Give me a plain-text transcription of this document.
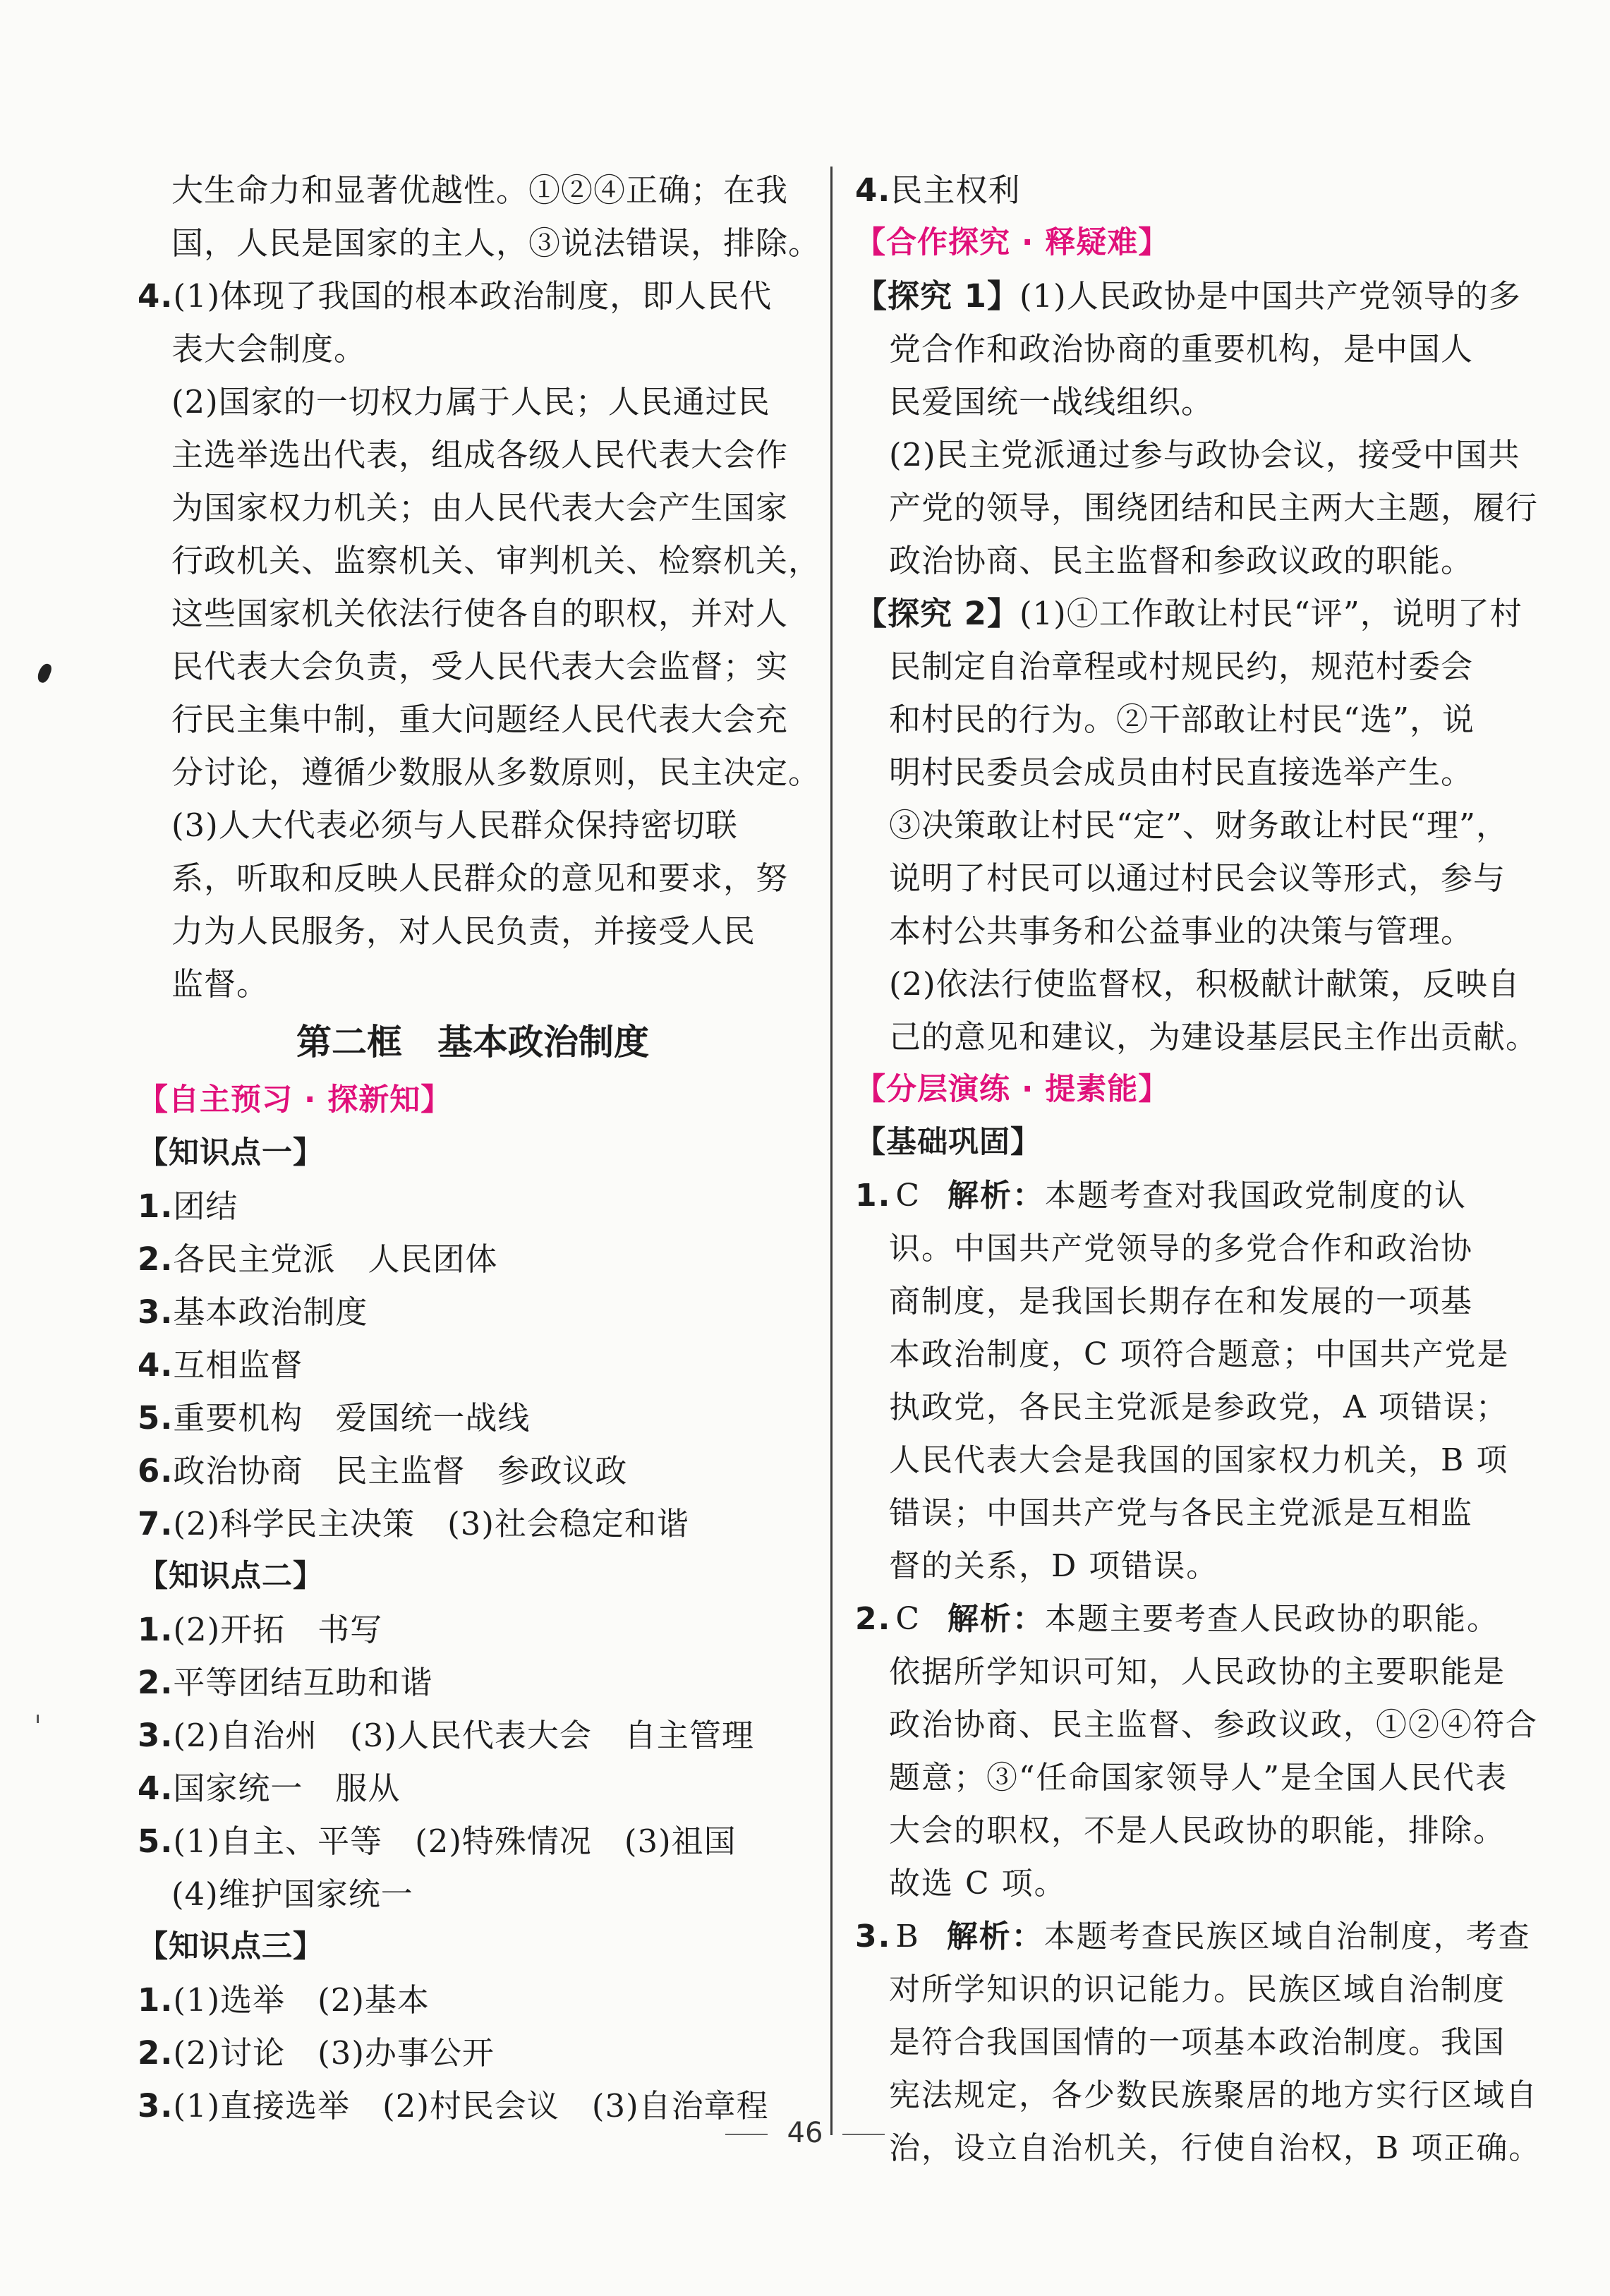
大生命力和显著优越性。①②④正确；在我
国，人民是国家的主人，③说法错误，排除。
4.(1)体现了我国的根本政治制度，即人民代
表大会制度。
(2)国家的一切权力属于人民；人民通过民
主选举选出代表，组成各级人民代表大会作
为国家权力机关；由人民代表大会产生国家
行政机关、监察机关、审判机关、检察机关，
这些国家机关依法行使各自的职权，并对人
民代表大会负责，受人民代表大会监督；实
行民主集中制，重大问题经人民代表大会充
分讨论，遵循少数服从多数原则，民主决定。
(3)人大代表必须与人民群众保持密切联
系，听取和反映人民群众的意见和要求，努
力为人民服务，对人民负责，并接受人民
监督。
第二框　基本政治制度
【自主预习 · 探新知】
【知识点一】
1.团结
2.各民主党派　人民团体
3.基本政治制度
4.互相监督
5.重要机构　爱国统一战线
6.政治协商　民主监督　参政议政
7.(2)科学民主决策　(3)社会稳定和谐
【知识点二】
1.(2)开拓　书写
2.平等团结互助和谐
3.(2)自治州　(3)人民代表大会　自主管理
4.国家统一　服从
5.(1)自主、平等　(2)特殊情况　(3)祖国
(4)维护国家统一
【知识点三】
1.(1)选举　(2)基本
2.(2)讨论　(3)办事公开
3.(1)直接选举　(2)村民会议　(3)自治章程
4.民主权利
【合作探究 · 释疑难】
【探究 1】(1)人民政协是中国共产党领导的多
党合作和政治协商的重要机构，是中国人
民爱国统一战线组织。
(2)民主党派通过参与政协会议，接受中国共
产党的领导，围绕团结和民主两大主题，履行
政治协商、民主监督和参政议政的职能。
【探究 2】(1)①工作敢让村民“评”，说明了村
民制定自治章程或村规民约，规范村委会
和村民的行为。②干部敢让村民“选”，说
明村民委员会成员由村民直接选举产生。
③决策敢让村民“定”、财务敢让村民“理”，
说明了村民可以通过村民会议等形式，参与
本村公共事务和公益事业的决策与管理。
(2)依法行使监督权，积极献计献策，反映自
己的意见和建议，为建设基层民主作出贡献。
【分层演练 · 提素能】
【基础巩固】
1. C 解析：本题考查对我国政党制度的认
识。中国共产党领导的多党合作和政治协
商制度，是我国长期存在和发展的一项基
本政治制度，C 项符合题意；中国共产党是
执政党，各民主党派是参政党，A 项错误；
人民代表大会是我国的国家权力机关，B 项
错误；中国共产党与各民主党派是互相监
督的关系，D 项错误。
2. C 解析：本题主要考查人民政协的职能。
依据所学知识可知，人民政协的主要职能是
政治协商、民主监督、参政议政，①②④符合
题意；③“任命国家领导人”是全国人民代表
大会的职权，不是人民政协的职能，排除。
故选 C 项。
3. B 解析：本题考查民族区域自治制度，考查
对所学知识的识记能力。民族区域自治制度
是符合我国国情的一项基本政治制度。我国
宪法规定，各少数民族聚居的地方实行区域自
治，设立自治机关，行使自治权，B 项正确。
46
